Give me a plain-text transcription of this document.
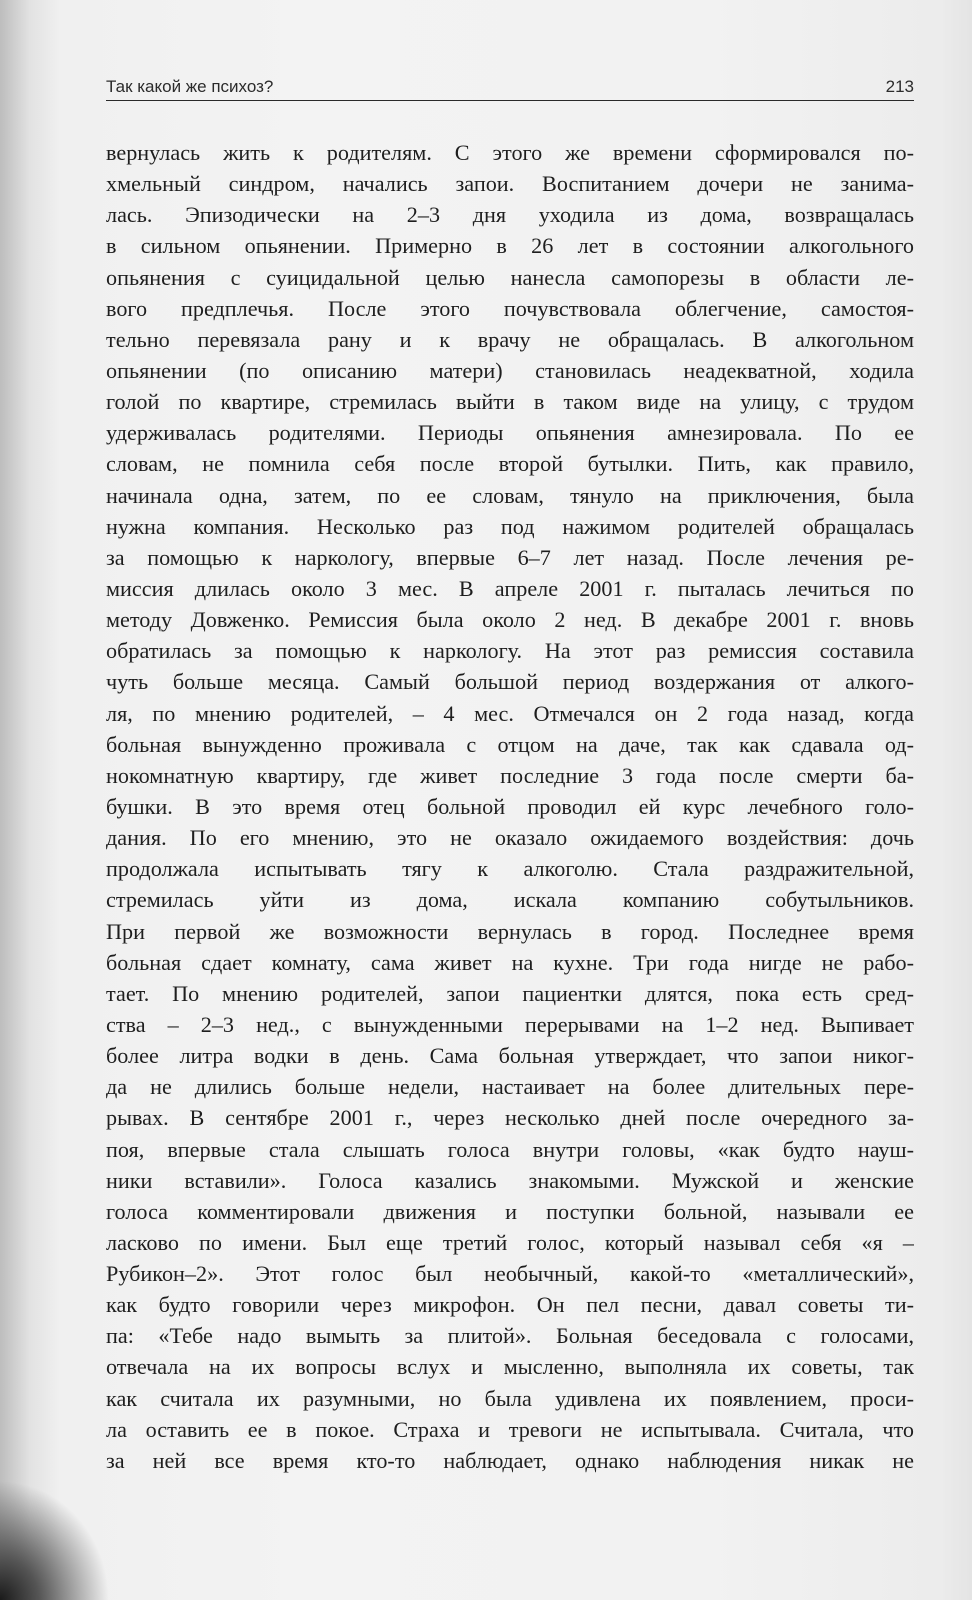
Так какой же психоз?	213
вернулась жить к родителям. С этого же времени сформировался по-
хмельный синдром, начались запои. Воспитанием дочери не занима-
лась. Эпизодически на 2–3 дня уходила из дома, возвращалась
в сильном опьянении. Примерно в 26 лет в состоянии алкогольного
опьянения с суицидальной целью нанесла самопорезы в области ле-
вого предплечья. После этого почувствовала облегчение, самостоя-
тельно перевязала рану и к врачу не обращалась. В алкогольном
опьянении (по описанию матери) становилась неадекватной, ходила
голой по квартире, стремилась выйти в таком виде на улицу, с трудом
удерживалась родителями. Периоды опьянения амнезировала. По ее
словам, не помнила себя после второй бутылки. Пить, как правило,
начинала одна, затем, по ее словам, тянуло на приключения, была
нужна компания. Несколько раз под нажимом родителей обращалась
за помощью к наркологу, впервые 6–7 лет назад. После лечения ре-
миссия длилась около 3 мес. В апреле 2001 г. пыталась лечиться по
методу Довженко. Ремиссия была около 2 нед. В декабре 2001 г. вновь
обратилась за помощью к наркологу. На этот раз ремиссия составила
чуть больше месяца. Самый большой период воздержания от алкого-
ля, по мнению родителей, – 4 мес. Отмечался он 2 года назад, когда
больная вынужденно проживала с отцом на даче, так как сдавала од-
нокомнатную квартиру, где живет последние 3 года после смерти ба-
бушки. В это время отец больной проводил ей курс лечебного голо-
дания. По его мнению, это не оказало ожидаемого воздействия: дочь
продолжала испытывать тягу к алкоголю. Стала раздражительной,
стремилась уйти из дома, искала компанию собутыльников.
При первой же возможности вернулась в город. Последнее время
больная сдает комнату, сама живет на кухне. Три года нигде не рабо-
тает. По мнению родителей, запои пациентки длятся, пока есть сред-
ства – 2–3 нед., с вынужденными перерывами на 1–2 нед. Выпивает
более литра водки в день. Сама больная утверждает, что запои никог-
да не длились больше недели, настаивает на более длительных пере-
рывах. В сентябре 2001 г., через несколько дней после очередного за-
поя, впервые стала слышать голоса внутри головы, «как будто науш-
ники вставили». Голоса казались знакомыми. Мужской и женские
голоса комментировали движения и поступки больной, называли ее
ласково по имени. Был еще третий голос, который называл себя «я –
Рубикон–2». Этот голос был необычный, какой-то «металлический»,
как будто говорили через микрофон. Он пел песни, давал советы ти-
па: «Тебе надо вымыть за плитой». Больная беседовала с голосами,
отвечала на их вопросы вслух и мысленно, выполняла их советы, так
как считала их разумными, но была удивлена их появлением, проси-
ла оставить ее в покое. Страха и тревоги не испытывала. Считала, что
за ней все время кто-то наблюдает, однако наблюдения никак не
